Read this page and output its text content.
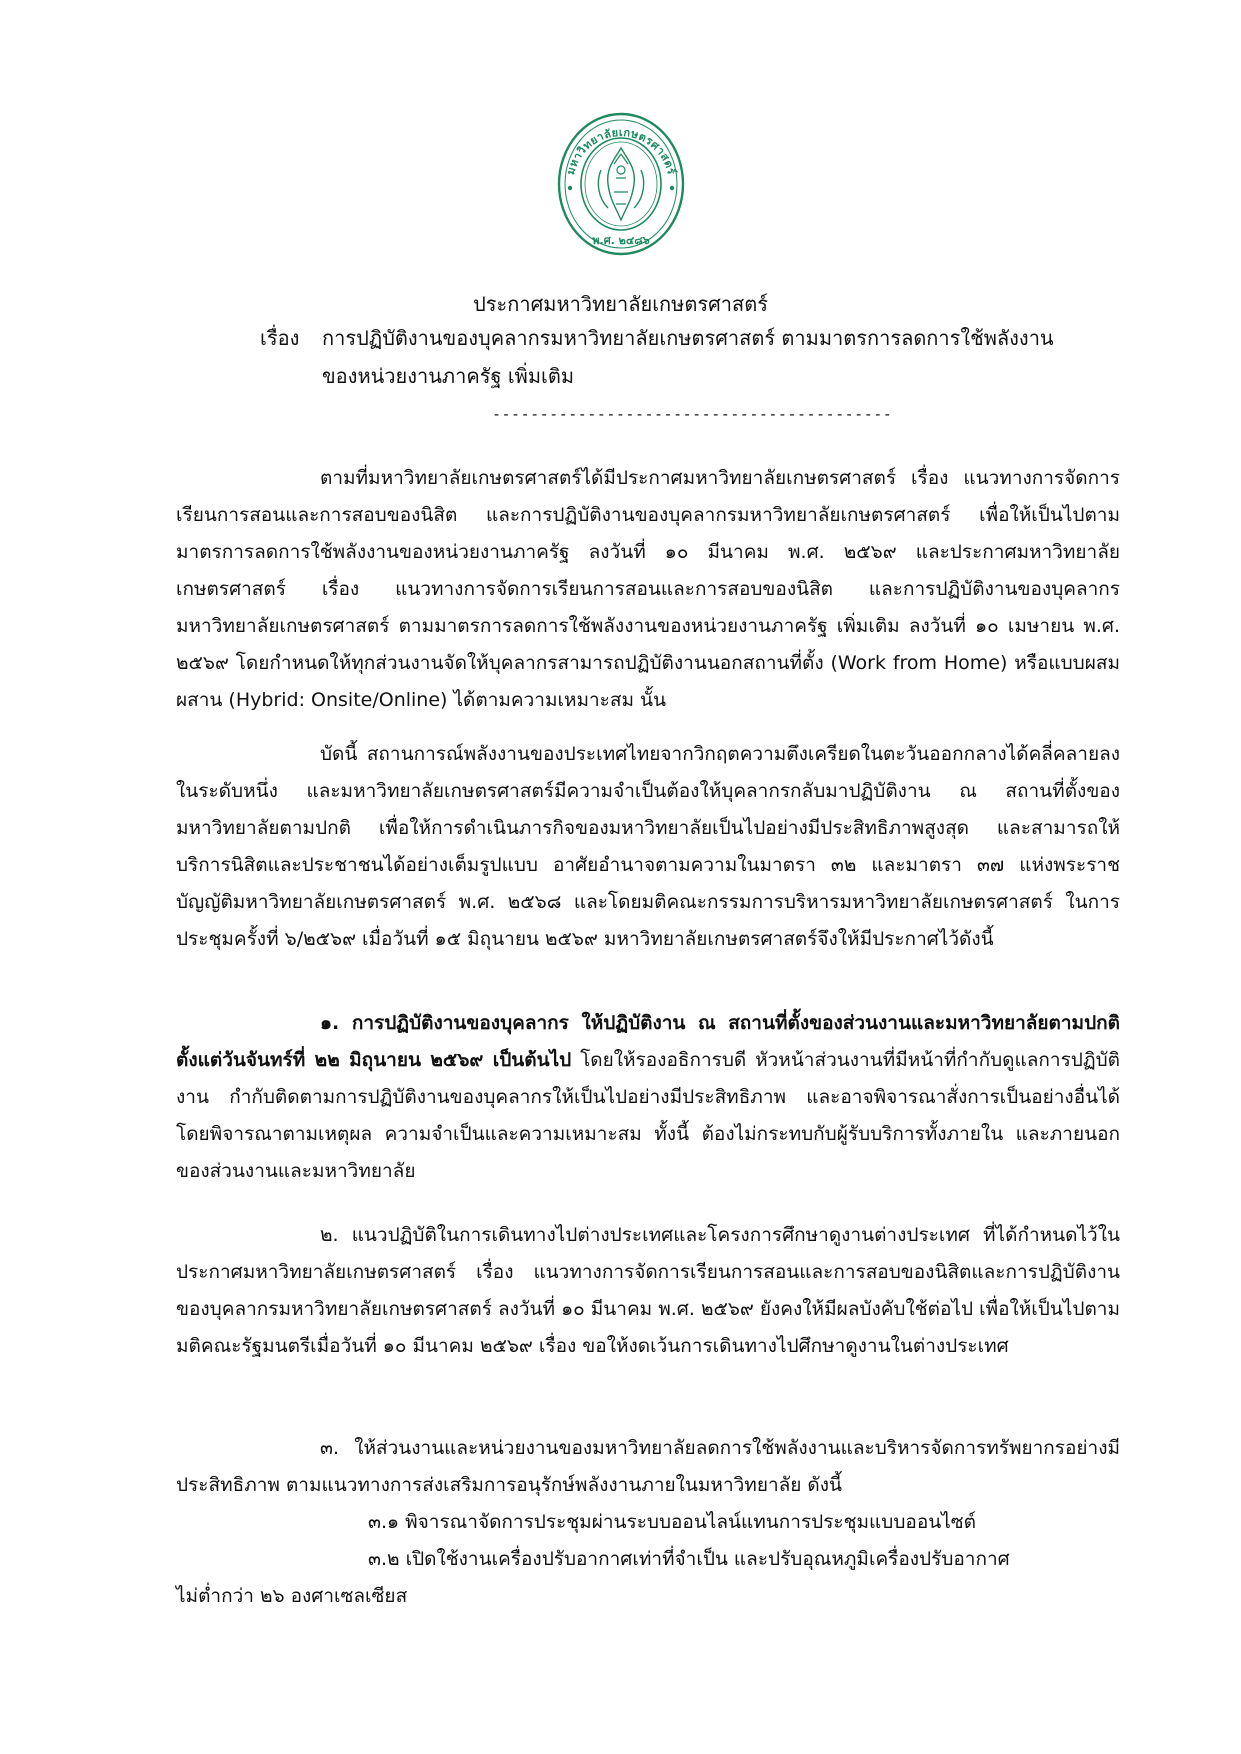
มหาวิทยาลัยเกษตรศาสตร์
พ.ศ. ๒๔๘๖
ประกาศมหาวิทยาลัยเกษตรศาสตร์
เรื่อง การปฏิบัติงานของบุคลากรมหาวิทยาลัยเกษตรศาสตร์ ตามมาตรการลดการใช้พลังงาน
ของหน่วยงานภาครัฐ เพิ่มเติม
------------------------------------------

ตามที่มหาวิทยาลัยเกษตรศาสตร์ได้มีประกาศมหาวิทยาลัยเกษตรศาสตร์ เรื่อง แนวทางการจัดการเรียนการสอนและการสอบของนิสิต และการปฏิบัติงานของบุคลากรมหาวิทยาลัยเกษตรศาสตร์ เพื่อให้เป็นไปตามมาตรการลดการใช้พลังงานของหน่วยงานภาครัฐ ลงวันที่ ๑๐ มีนาคม พ.ศ. ๒๕๖๙ และประกาศมหาวิทยาลัยเกษตรศาสตร์ เรื่อง แนวทางการจัดการเรียนการสอนและการสอบของนิสิต และการปฏิบัติงานของบุคลากรมหาวิทยาลัยเกษตรศาสตร์ ตามมาตรการลดการใช้พลังงานของหน่วยงานภาครัฐ เพิ่มเติม ลงวันที่ ๑๐ เมษายน พ.ศ. ๒๕๖๙ โดยกำหนดให้ทุกส่วนงานจัดให้บุคลากรสามารถปฏิบัติงานนอกสถานที่ตั้ง (Work from Home) หรือแบบผสมผสาน (Hybrid: Onsite/Online) ได้ตามความเหมาะสม นั้น

บัดนี้ สถานการณ์พลังงานของประเทศไทยจากวิกฤตความตึงเครียดในตะวันออกกลางได้คลี่คลายลงในระดับหนึ่ง และมหาวิทยาลัยเกษตรศาสตร์มีความจำเป็นต้องให้บุคลากรกลับมาปฏิบัติงาน ณ สถานที่ตั้งของมหาวิทยาลัยตามปกติ เพื่อให้การดำเนินภารกิจของมหาวิทยาลัยเป็นไปอย่างมีประสิทธิภาพสูงสุด และสามารถให้บริการนิสิตและประชาชนได้อย่างเต็มรูปแบบ อาศัยอำนาจตามความในมาตรา ๓๒ และมาตรา ๓๗ แห่งพระราชบัญญัติมหาวิทยาลัยเกษตรศาสตร์ พ.ศ. ๒๕๖๘ และโดยมติคณะกรรมการบริหารมหาวิทยาลัยเกษตรศาสตร์ ในการประชุมครั้งที่ ๖/๒๕๖๙ เมื่อวันที่ ๑๕ มิถุนายน ๒๕๖๙ มหาวิทยาลัยเกษตรศาสตร์จึงให้มีประกาศไว้ดังนี้

๑. การปฏิบัติงานของบุคลากร ให้ปฏิบัติงาน ณ สถานที่ตั้งของส่วนงานและมหาวิทยาลัยตามปกติ ตั้งแต่วันจันทร์ที่ ๒๒ มิถุนายน ๒๕๖๙ เป็นต้นไป โดยให้รองอธิการบดี หัวหน้าส่วนงานที่มีหน้าที่กำกับดูแลการปฏิบัติงาน กำกับติดตามการปฏิบัติงานของบุคลากรให้เป็นไปอย่างมีประสิทธิภาพ และอาจพิจารณาสั่งการเป็นอย่างอื่นได้ โดยพิจารณาตามเหตุผล ความจำเป็นและความเหมาะสม ทั้งนี้ ต้องไม่กระทบกับผู้รับบริการทั้งภายใน และภายนอก ของส่วนงานและมหาวิทยาลัย

๒. แนวปฏิบัติในการเดินทางไปต่างประเทศและโครงการศึกษาดูงานต่างประเทศ ที่ได้กำหนดไว้ในประกาศมหาวิทยาลัยเกษตรศาสตร์ เรื่อง แนวทางการจัดการเรียนการสอนและการสอบของนิสิตและการปฏิบัติงานของบุคลากรมหาวิทยาลัยเกษตรศาสตร์ ลงวันที่ ๑๐ มีนาคม พ.ศ. ๒๕๖๙ ยังคงให้มีผลบังคับใช้ต่อไป เพื่อให้เป็นไปตามมติคณะรัฐมนตรีเมื่อวันที่ ๑๐ มีนาคม ๒๕๖๙ เรื่อง ขอให้งดเว้นการเดินทางไปศึกษาดูงานในต่างประเทศ

๓. ให้ส่วนงานและหน่วยงานของมหาวิทยาลัยลดการใช้พลังงานและบริหารจัดการทรัพยากรอย่างมีประสิทธิภาพ ตามแนวทางการส่งเสริมการอนุรักษ์พลังงานภายในมหาวิทยาลัย ดังนี้

๓.๑ พิจารณาจัดการประชุมผ่านระบบออนไลน์แทนการประชุมแบบออนไซต์
๓.๒ เปิดใช้งานเครื่องปรับอากาศเท่าที่จำเป็น และปรับอุณหภูมิเครื่องปรับอากาศ
ไม่ต่ำกว่า ๒๖ องศาเซลเซียส
